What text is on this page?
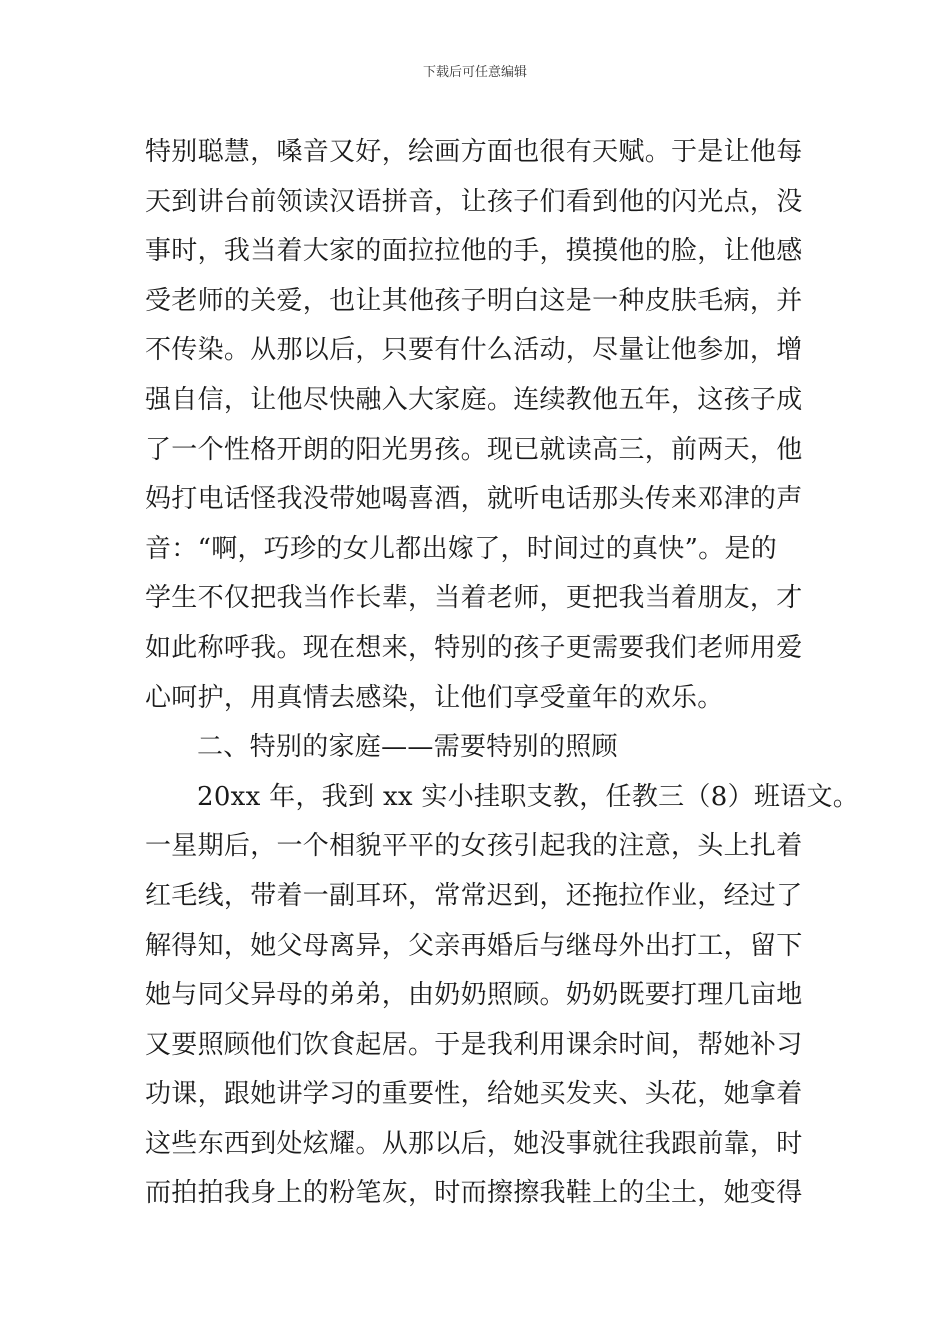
下载后可任意编辑
特别聪慧，嗓音又好，绘画方面也很有天赋。于是让他每
天到讲台前领读汉语拼音，让孩子们看到他的闪光点，没
事时，我当着大家的面拉拉他的手，摸摸他的脸，让他感
受老师的关爱，也让其他孩子明白这是一种皮肤毛病，并
不传染。从那以后，只要有什么活动，尽量让他参加，增
强自信，让他尽快融入大家庭。连续教他五年，这孩子成
了一个性格开朗的阳光男孩。现已就读高三，前两天，他
妈打电话怪我没带她喝喜酒，就听电话那头传来邓津的声
音：“啊，巧珍的女儿都出嫁了，时间过的真快”。是的
学生不仅把我当作长辈，当着老师，更把我当着朋友，才
如此称呼我。现在想来，特别的孩子更需要我们老师用爱
心呵护，用真情去感染，让他们享受童年的欢乐。
二、特别的家庭——需要特别的照顾
20xx 年，我到 xx 实小挂职支教，任教三（8）班语文。
一星期后，一个相貌平平的女孩引起我的注意，头上扎着
红毛线，带着一副耳环，常常迟到，还拖拉作业，经过了
解得知，她父母离异，父亲再婚后与继母外出打工，留下
她与同父异母的弟弟，由奶奶照顾。奶奶既要打理几亩地
又要照顾他们饮食起居。于是我利用课余时间，帮她补习
功课，跟她讲学习的重要性，给她买发夹、头花，她拿着
这些东西到处炫耀。从那以后，她没事就往我跟前靠，时
而拍拍我身上的粉笔灰，时而擦擦我鞋上的尘土，她变得
